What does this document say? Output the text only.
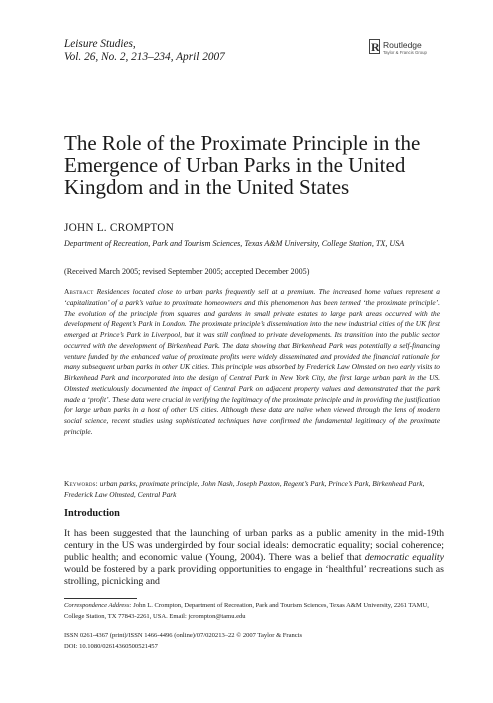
Leisure Studies,
Vol. 26, No. 2, 213–234, April 2007
R Routledge
Taylor & Francis Group
The Role of the Proximate Principle in the Emergence of Urban Parks in the United Kingdom and in the United States
JOHN L. CROMPTON
Department of Recreation, Park and Tourism Sciences, Texas A&M University, College Station, TX, USA
(Received March 2005; revised September 2005; accepted December 2005)
Abstract Residences located close to urban parks frequently sell at a premium. The increased home values represent a ‘capitalization’ of a park’s value to proximate homeowners and this phenomenon has been termed ‘the proximate principle’. The evolution of the principle from squares and gardens in small private estates to large park areas occurred with the development of Regent’s Park in London. The proximate principle’s dissemination into the new industrial cities of the UK first emerged at Prince’s Park in Liverpool, but it was still confined to private developments. Its transition into the public sector occurred with the development of Birkenhead Park. The data showing that Birkenhead Park was potentially a self-financing venture funded by the enhanced value of proximate profits were widely disseminated and provided the financial rationale for many subsequent urban parks in other UK cities. This principle was absorbed by Frederick Law Olmsted on two early visits to Birkenhead Park and incorporated into the design of Central Park in New York City, the first large urban park in the US. Olmsted meticulously documented the impact of Central Park on adjacent property values and demonstrated that the park made a ‘profit’. These data were crucial in verifying the legitimacy of the proximate principle and in providing the justification for large urban parks in a host of other US cities. Although these data are naïve when viewed through the lens of modern social science, recent studies using sophisticated techniques have confirmed the fundamental legitimacy of the proximate principle.
Keywords: urban parks, proximate principle, John Nash, Joseph Paxton, Regent’s Park, Prince’s Park, Birkenhead Park, Frederick Law Olmsted, Central Park
Introduction
It has been suggested that the launching of urban parks as a public amenity in the mid-19th century in the US was undergirded by four social ideals: democratic equality; social coherence; public health; and economic value (Young, 2004). There was a belief that democratic equality would be fostered by a park providing opportunities to engage in ‘healthful’ recreations such as strolling, picnicking and
Correspondence Address: John L. Crompton, Department of Recreation, Park and Tourism Sciences, Texas A&M University, 2261 TAMU, College Station, TX 77843-2261, USA. Email: jcrompton@tamu.edu
ISSN 0261-4367 (print)/ISSN 1466-4496 (online)/07/020213–22 © 2007 Taylor & Francis
DOI: 10.1080/02614360500521457
